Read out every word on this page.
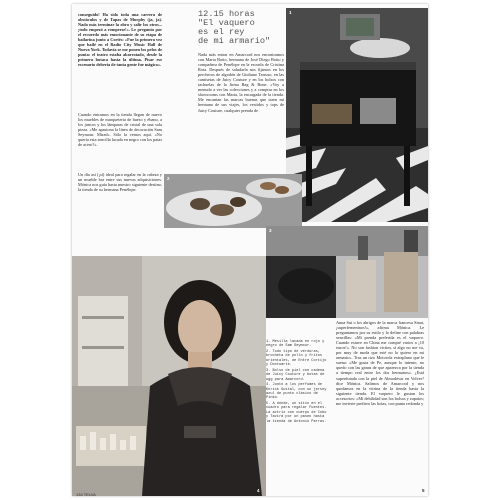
conseguido! Ha sido toda una carrera de obstáculos y de Tapas de Murphy (ja, ja). Nada más terminar la obra y salir los otros... ¡todo empezó a romperse!». Le pregunto por el recuerdo más emocionante de su etapa de bailarina junto a Cortés: «Fue la primera vez que bailé en el Radio City Music Hall de Nueva York. Todavía se me ponen los pelos de punta: el teatro estaba abarrotado, desde la primera butaca hasta la última. Pisar ese escenario debería de tanta gente fue mágico».

Cuando entramos en la tienda llegan de nuevo los muebles de marquetería de hueso y ébano, a los juncos y los lámparas de cristal de una sola pieza. «Me apasiona la línea de decoración Sam Seymour. Mirad». Sólo la vemos aquí. «No quería esta sencilla lacada en negro con los patas de acero?».

Un día así (¡sí) ideal para regalar en la cabeza y un mueble bar entre sus nuevas adquisiciones. Mónica nos guía hasta nuestro siguiente destino, la tienda de su hermana Penélope.

12.15 horas
"El vaquero
es el rey
de mi armario"

Nada más entrar en Amarcord nos encontramos con Marta Botto, hermana de José Diego Botto y compañera de Penélope en la escuela de Cristina Rota. Después de saludarla nos fijamos en los percheros de algodón de Giuliano Tarruso, en las camisetas de Juicy Couture y en los bolsos con tachuelas de la firma Rag & Bone. «Voy a menudo a ver las colecciones y a comprar en los showrooms con Marta, la encargada de la tienda. Me encantan las marcas buenas que traen mi hermana de sus viajes, los vestidos y tops de Juicy Couture, cualquier prenda de

1
2
3
4

1. Mesilla lacada en rojo y negro de Sam Seymour.

2. Todo tipo de verduras, brocheta de pollo y fritos orientales, de Entre Cortijo y Doctoarte.

3. Bolso de piel con cadena de Juicy Couture y botas de ugg para Amarcord.

4. Junto a los perfumes de Knrick Gustal, con un jersey azul de punto clásico de Pinko.

5. A dónde, un sitio en el cuadro para regalar Fuentes. La actriz con cuerpo de Cobo y Tavira por un paseo hasta la tienda de Antonio Parras.

Anna Sui o los abrigos de la marca francesa Sinat, ¡superfemeninos!», afirma Mónica. Le preguntamos por su estilo y lo define con palabras sencillas: «Mi prenda preferida es el vaquero. Cuando estuve en China me compré varios a ¡10 euros!». No son fashion victim, sí algo no me va, por muy de moda que esté no lo quiero en mi armario». Tras un rizo Motorola extraplano que le suena: «Me gusta de Pe, aunque lo intento, no quedo con las ganas de que aparezca por la tienda a tiempo real entre los dos hermanos». ¿Está superdotada con la piel de Almodóvar en Volver? dice Mónica. Salimos de Amarcord y nos quedamos en la vitrina de la tienda hasta la siguiente tienda. El vaquero le gustan los accesorios: «Mi debilidad son los bolsos y zapatos; me invierte prefiero las botas, con punta redonda y

134 TELVA
5
